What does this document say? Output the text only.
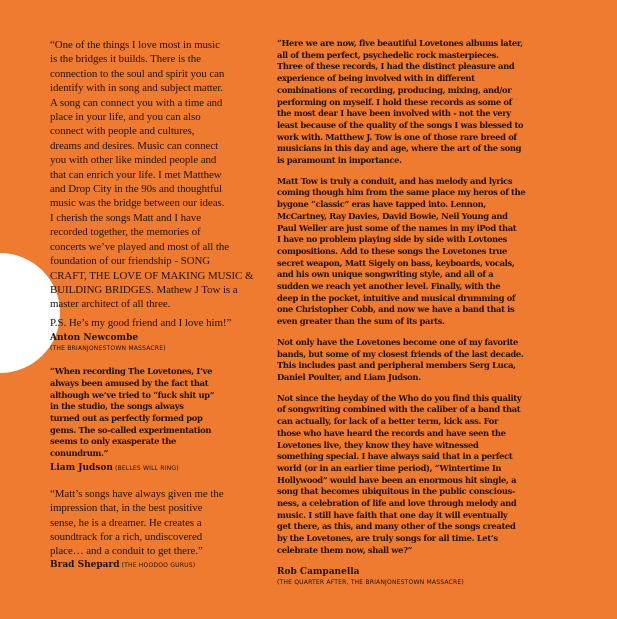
“One of the things I love most in music
is the bridges it builds. There is the
connection to the soul and spirit you can
identify with in song and subject matter.
A song can connect you with a time and
place in your life, and you can also
connect with people and cultures,
dreams and desires. Music can connect
you with other like minded people and
that can enrich your life. I met Matthew
and Drop City in the 90s and thoughtful
music was the bridge between our ideas.
I cherish the songs Matt and I have
recorded together, the memories of
concerts we’ve played and most of all the
foundation of our friendship - SONG
CRAFT, THE LOVE OF MAKING MUSIC &
BUILDING BRIDGES. Mathew J Tow is a
master architect of all three.

P.S. He’s my good friend and I love him!”

Anton Newcombe
(THE BRIANJONESTOWN MASSACRE)

“When recording The Lovetones, I’ve
always been amused by the fact that
although we’ve tried to “fuck shit up”
in the studio, the songs always
turned out as perfectly formed pop
gems. The so-called experimentation
seems to only exasperate the
conundrum.”

Liam Judson (BELLES WILL RING)

“Matt’s songs have always given me the
impression that, in the best positive
sense, he is a dreamer. He creates a
soundtrack for a rich, undiscovered
place… and a conduit to get there.”

Brad Shepard (THE HOODOO GURUS)

“Here we are now, five beautiful Lovetones albums later,
all of them perfect, psychedelic rock masterpieces.
Three of these records, I had the distinct pleasure and
experience of being involved with in different
combinations of recording, producing, mixing, and/or
performing on myself. I hold these records as some of
the most dear I have been involved with - not the very
least because of the quality of the songs I was blessed to
work with. Matthew J. Tow is one of those rare breed of
musicians in this day and age, where the art of the song
is paramount in importance.

Matt Tow is truly a conduit, and has melody and lyrics
coming though him from the same place my heros of the
bygone “classic” eras have tapped into. Lennon,
McCartney, Ray Davies, David Bowie, Neil Young and
Paul Weller are just some of the names in my iPod that
I have no problem playing side by side with Lovtones
compositions. Add to these songs the Lovetones true
secret weapon, Matt Sigely on bass, keyboards, vocals,
and his own unique songwriting style, and all of a
sudden we reach yet another level. Finally, with the
deep in the pocket, intuitive and musical drumming of
one Christopher Cobb, and now we have a band that is
even greater than the sum of its parts.

Not only have the Lovetones become one of my favorite
bands, but some of my closest friends of the last decade.
This includes past and peripheral members Serg Luca,
Daniel Poulter, and Liam Judson.

Not since the heyday of the Who do you find this quality
of songwriting combined with the caliber of a band that
can actually, for lack of a better term, kick ass. For
those who have heard the records and have seen the
Lovetones live, they know they have witnessed
something special. I have always said that in a perfect
world (or in an earlier time period), “Wintertime In
Hollywood” would have been an enormous hit single, a
song that becomes ubiquitous in the public conscious-
ness, a celebration of life and love through melody and
music. I still have faith that one day it will eventually
get there, as this, and many other of the songs created
by the Lovetones, are truly songs for all time. Let’s
celebrate them now, shall we?”

Rob Campanella
(THE QUARTER AFTER, THE BRIANJONESTOWN MASSACRE)
